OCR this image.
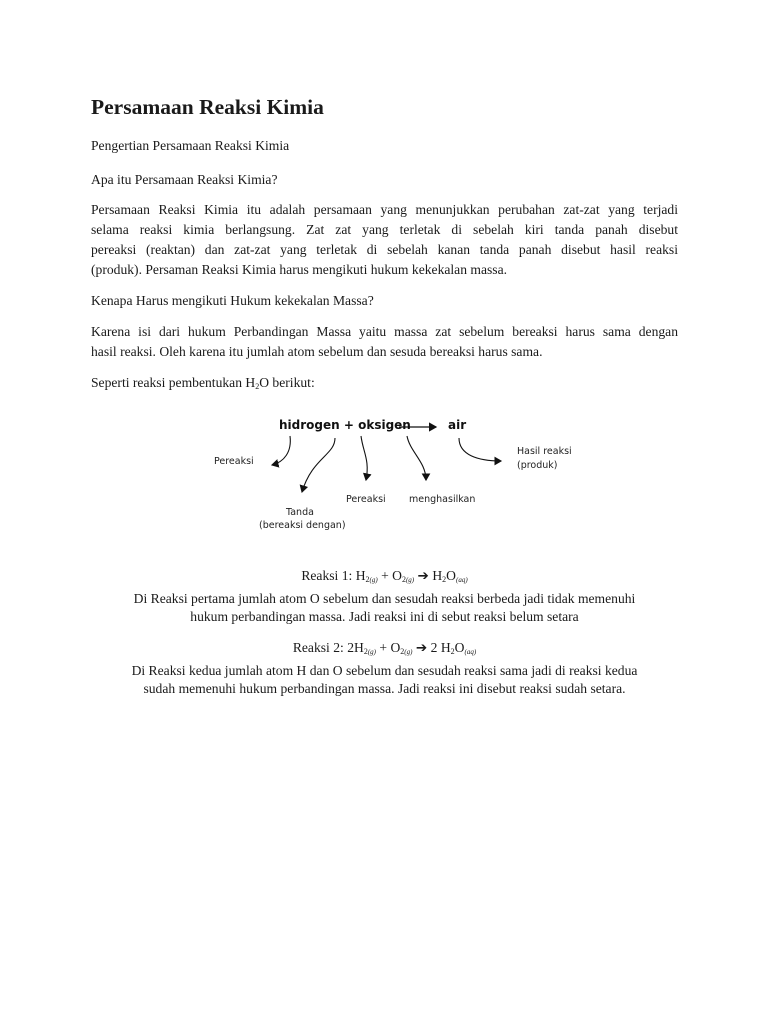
Persamaan Reaksi Kimia

Pengertian Persamaan Reaksi Kimia

Apa itu Persamaan Reaksi Kimia?

Persamaan Reaksi Kimia itu adalah persamaan yang menunjukkan perubahan zat-zat yang terjadi

selama reaksi kimia berlangsung. Zat zat yang terletak di sebelah kiri tanda panah disebut

pereaksi (reaktan) dan zat-zat yang terletak di sebelah kanan tanda panah disebut hasil reaksi

(produk). Persaman Reaksi Kimia harus mengikuti hukum kekekalan massa.

Kenapa Harus mengikuti Hukum kekekalan Massa?

Karena isi dari hukum Perbandingan Massa yaitu massa zat sebelum bereaksi harus sama dengan

hasil reaksi. Oleh karena itu jumlah atom sebelum dan sesuda bereaksi harus sama.

Seperti reaksi pembentukan $H_2O$ berikut:

hidrogen + oksigen	air
Pereaksi
Hasil reaksi
(produk)
Pereaksi menghasilkan
Tanda
(bereaksi dengan)

Reaksi 1: $H_2(g) + O_2(g)$ ➔ $H_2O(aq)$

Di Reaksi pertama jumlah atom O sebelum dan sesudah reaksi berbeda jadi tidak memenuhi

hukum perbandingan massa. Jadi reaksi ini di sebut reaksi belum setara

Reaksi 2: $2H_2(g) + O_2(g)$ ➔ 2 $H_2O(aq)$

Di Reaksi kedua jumlah atom H dan O sebelum dan sesudah reaksi sama jadi di reaksi kedua

sudah memenuhi hukum perbandingan massa. Jadi reaksi ini disebut reaksi sudah setara.
